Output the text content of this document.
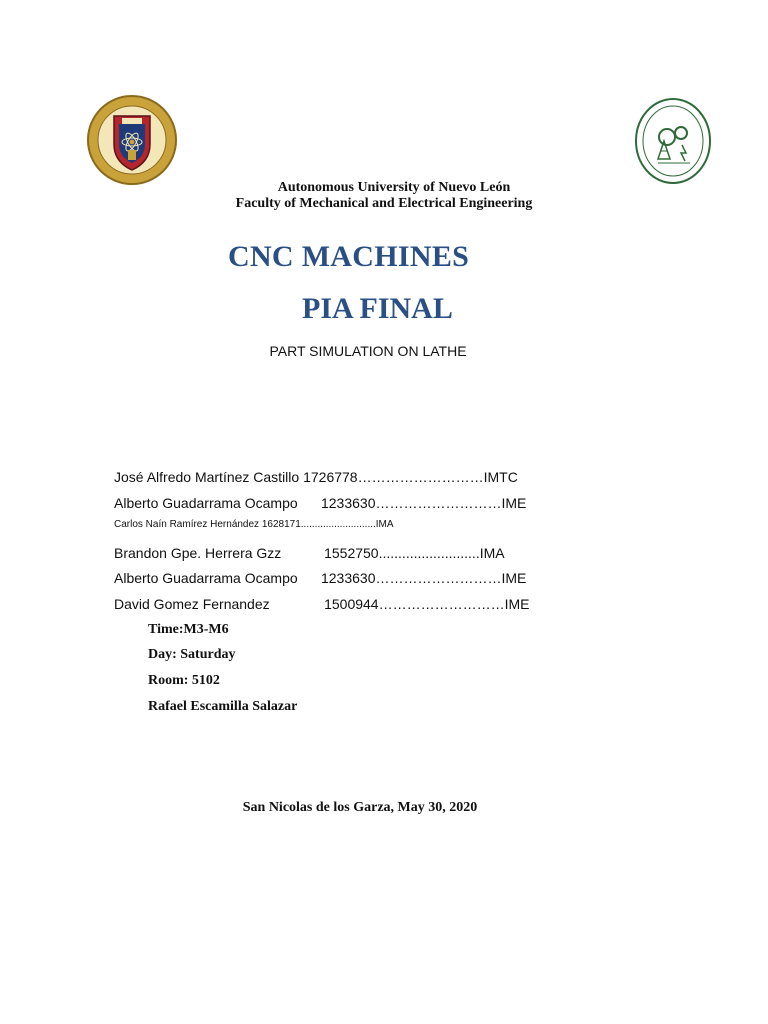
Autonomous University of Nuevo León
Faculty of Mechanical and Electrical Engineering
CNC MACHINES
PIA FINAL
PART SIMULATION ON LATHE
José Alfredo Martínez Castillo 1726778………………………IMTC
Alberto Guadarrama Ocampo      1233630………………………IME
Carlos Naín Ramírez Hernández 1628171...........................IMA
Brandon Gpe. Herrera Gzz           1552750..........................IMA
Alberto Guadarrama Ocampo      1233630………………………IME
David Gomez Fernandez              1500944………………………IME
Time:M3-M6
Day: Saturday
Room: 5102
Rafael Escamilla Salazar
San Nicolas de los Garza, May 30, 2020
